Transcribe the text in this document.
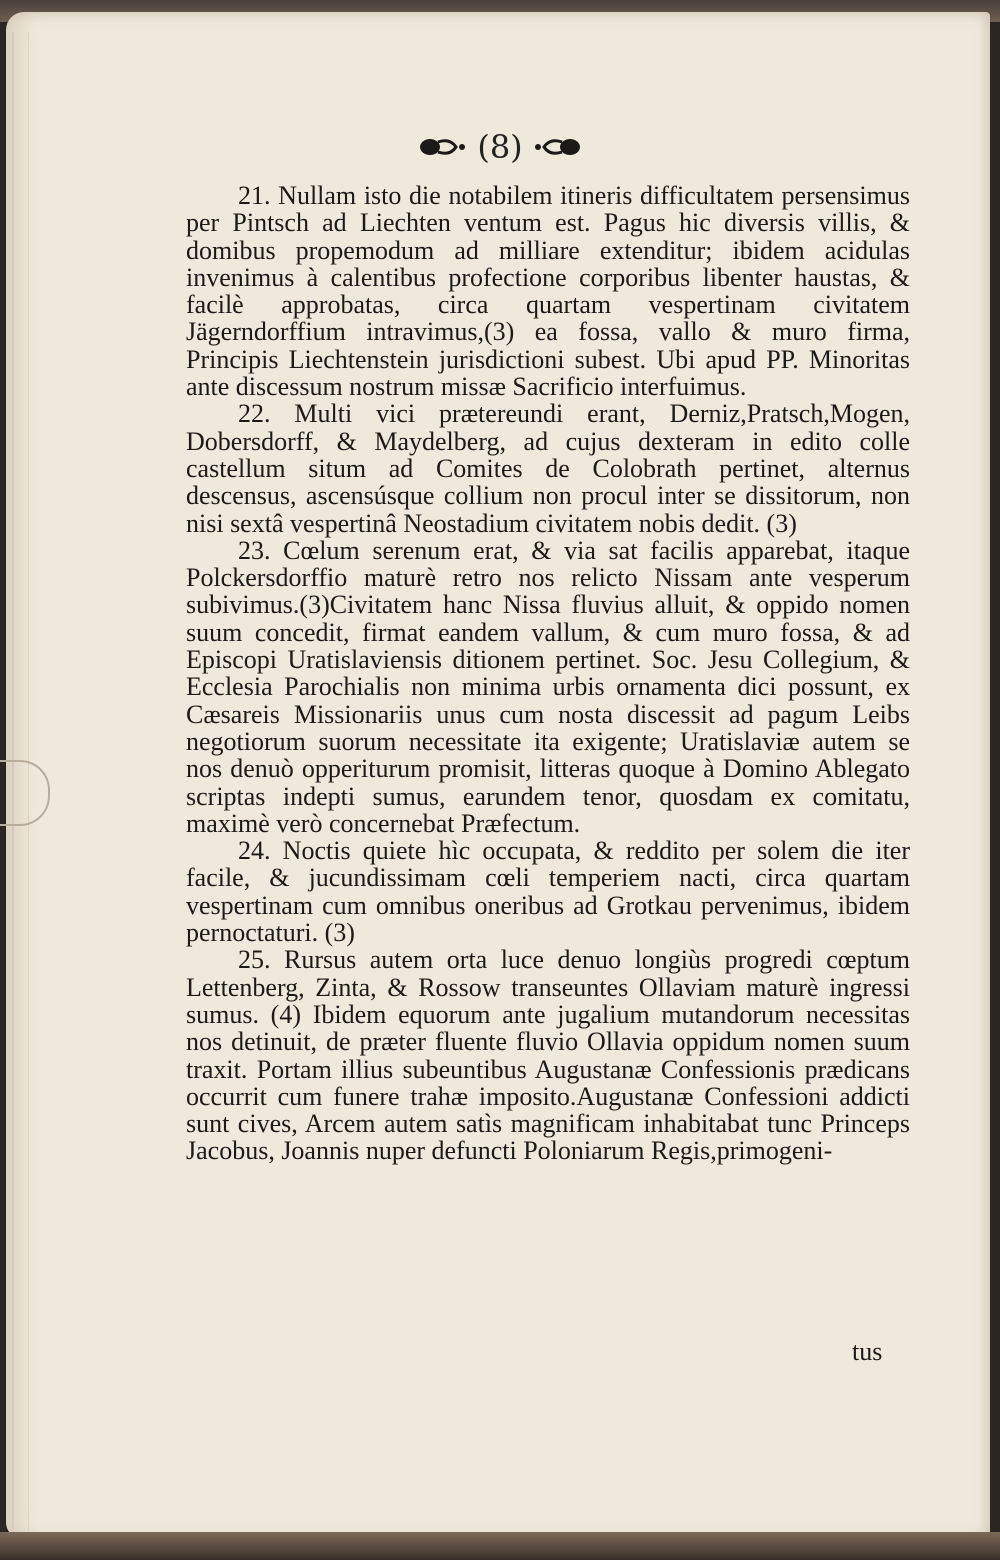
(8)

21. Nullam isto die notabilem itineris difficultatem persensimus per Pintsch ad Liechten ventum est. Pagus hic diversis villis, & domibus propemodum ad milliare extenditur; ibidem acidulas invenimus à calentibus profectione corporibus libenter haustas, & facilè approbatas, circa quartam vespertinam civitatem Jägerndorffium intravimus,(3) ea fossa, vallo & muro firma, Principis Liechtenstein jurisdictioni subest. Ubi apud PP. Minoritas ante discessum nostrum missæ Sacrificio interfuimus.

22. Multi vici prætereundi erant, Derniz,Pratsch,Mogen, Dobersdorff, & Maydelberg, ad cujus dexteram in edito colle castellum situm ad Comites de Colobrath pertinet, alternus descensus, ascensúsque collium non procul inter se dissitorum, non nisi sextâ vespertinâ Neostadium civitatem nobis dedit. (3)

23. Cœlum serenum erat, & via sat facilis apparebat, itaque Polckersdorffio maturè retro nos relicto Nissam ante vesperum subivimus.(3)Civitatem hanc Nissa fluvius alluit, & oppido nomen suum concedit, firmat eandem vallum, & cum muro fossa, & ad Episcopi Uratislaviensis ditionem pertinet. Soc. Jesu Collegium, & Ecclesia Parochialis non minima urbis ornamenta dici possunt, ex Cæsareis Missionariis unus cum nosta discessit ad pagum Leibs negotiorum suorum necessitate ita exigente; Uratislaviæ autem se nos denuò opperiturum promisit, litteras quoque à Domino Ablegato scriptas indepti sumus, earundem tenor, quosdam ex comitatu, maximè verò concernebat Præfectum.

24. Noctis quiete hìc occupata, & reddito per solem die iter facile, & jucundissimam cœli temperiem nacti, circa quartam vespertinam cum omnibus oneribus ad Grotkau pervenimus, ibidem pernoctaturi. (3)

25. Rursus autem orta luce denuo longiùs progredi cœptum Lettenberg, Zinta, & Rossow transeuntes Ollaviam maturè ingressi sumus. (4) Ibidem equorum ante jugalium mutandorum necessitas nos detinuit, de præter fluente fluvio Ollavia oppidum nomen suum traxit. Portam illius subeuntibus Augustanæ Confessionis prædicans occurrit cum funere trahæ imposito.Augustanæ Confessioni addicti sunt cives, Arcem autem satìs magnificam inhabitabat tunc Princeps Jacobus, Joannis nuper defuncti Poloniarum Regis,primogeni-

tus
